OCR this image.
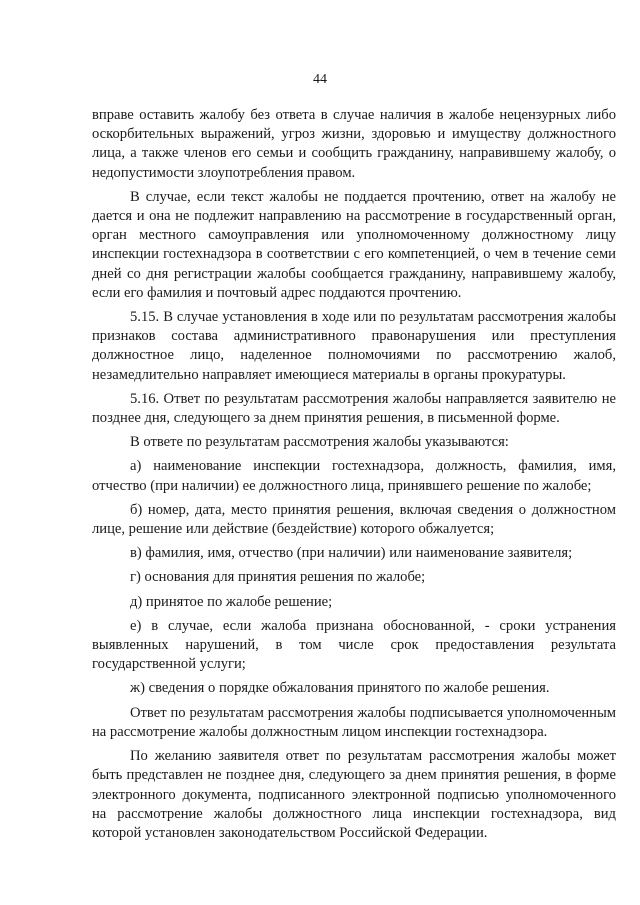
44

вправе оставить жалобу без ответа в случае наличия в жалобе нецензурных либо оскорбительных выражений, угроз жизни, здоровью и имуществу должностного лица, а также членов его семьи и сообщить гражданину, направившему жалобу, о недопустимости злоупотребления правом.

В случае, если текст жалобы не поддается прочтению, ответ на жалобу не дается и она не подлежит направлению на рассмотрение в государственный орган, орган местного самоуправления или уполномоченному должностному лицу инспекции гостехнадзора в соответствии с его компетенцией, о чем в течение семи дней со дня регистрации жалобы сообщается гражданину, направившему жалобу, если его фамилия и почтовый адрес поддаются прочтению.

5.15. В случае установления в ходе или по результатам рассмотрения жалобы признаков состава административного правонарушения или преступления должностное лицо, наделенное полномочиями по рассмотрению жалоб, незамедлительно направляет имеющиеся материалы в органы прокуратуры.

5.16. Ответ по результатам рассмотрения жалобы направляется заявителю не позднее дня, следующего за днем принятия решения, в письменной форме.

В ответе по результатам рассмотрения жалобы указываются:

а) наименование инспекции гостехнадзора, должность, фамилия, имя, отчество (при наличии) ее должностного лица, принявшего решение по жалобе;

б) номер, дата, место принятия решения, включая сведения о должностном лице, решение или действие (бездействие) которого обжалуется;

в) фамилия, имя, отчество (при наличии) или наименование заявителя;

г) основания для принятия решения по жалобе;

д) принятое по жалобе решение;

е) в случае, если жалоба признана обоснованной, - сроки устранения выявленных нарушений, в том числе срок предоставления результата государственной услуги;

ж) сведения о порядке обжалования принятого по жалобе решения.

Ответ по результатам рассмотрения жалобы подписывается уполномоченным на рассмотрение жалобы должностным лицом инспекции гостехнадзора.

По желанию заявителя ответ по результатам рассмотрения жалобы может быть представлен не позднее дня, следующего за днем принятия решения, в форме электронного документа, подписанного электронной подписью уполномоченного на рассмотрение жалобы должностного лица инспекции гостехнадзора, вид которой установлен законодательством Российской Федерации.
